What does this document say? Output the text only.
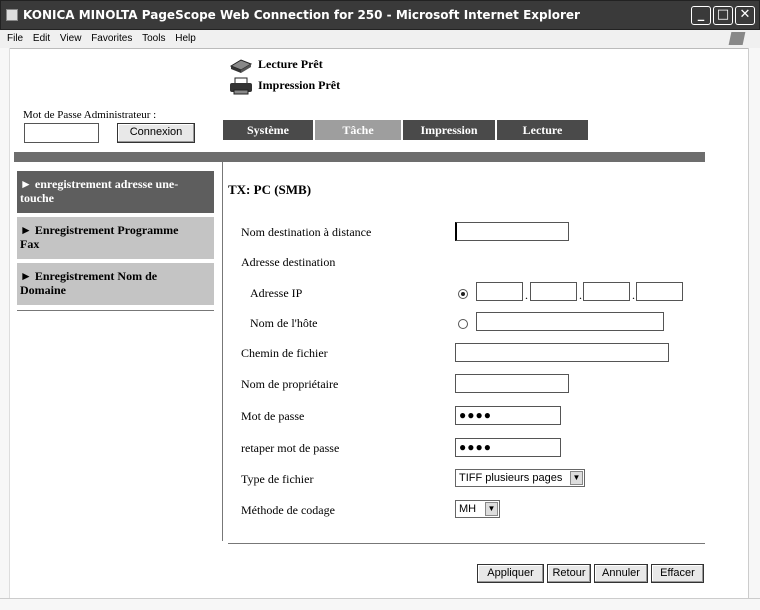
KONICA MINOLTA PageScope Web Connection for 250 - Microsoft Internet Explorer	_ □ ✕
File Edit View Favorites Tools Help
Lecture Prêt
Impression Prêt
Mot de Passe Administrateur :
Connexion	Système	Tâche	Impression	Lecture
► enregistrement adresse une-
touche
► Enregistrement Programme
Fax
► Enregistrement Nom de
Domaine
TX: PC (SMB)
Nom destination à distance
Adresse destination
Adresse IP	.	.	.
Nom de l'hôte
Chemin de fichier
Nom de propriétaire
Mot de passe	●●●●
retaper mot de passe	●●●●
Type de fichier	TIFF plusieurs pages	▼
Méthode de codage	MH	▼
Appliquer	Retour	Annuler	Effacer
